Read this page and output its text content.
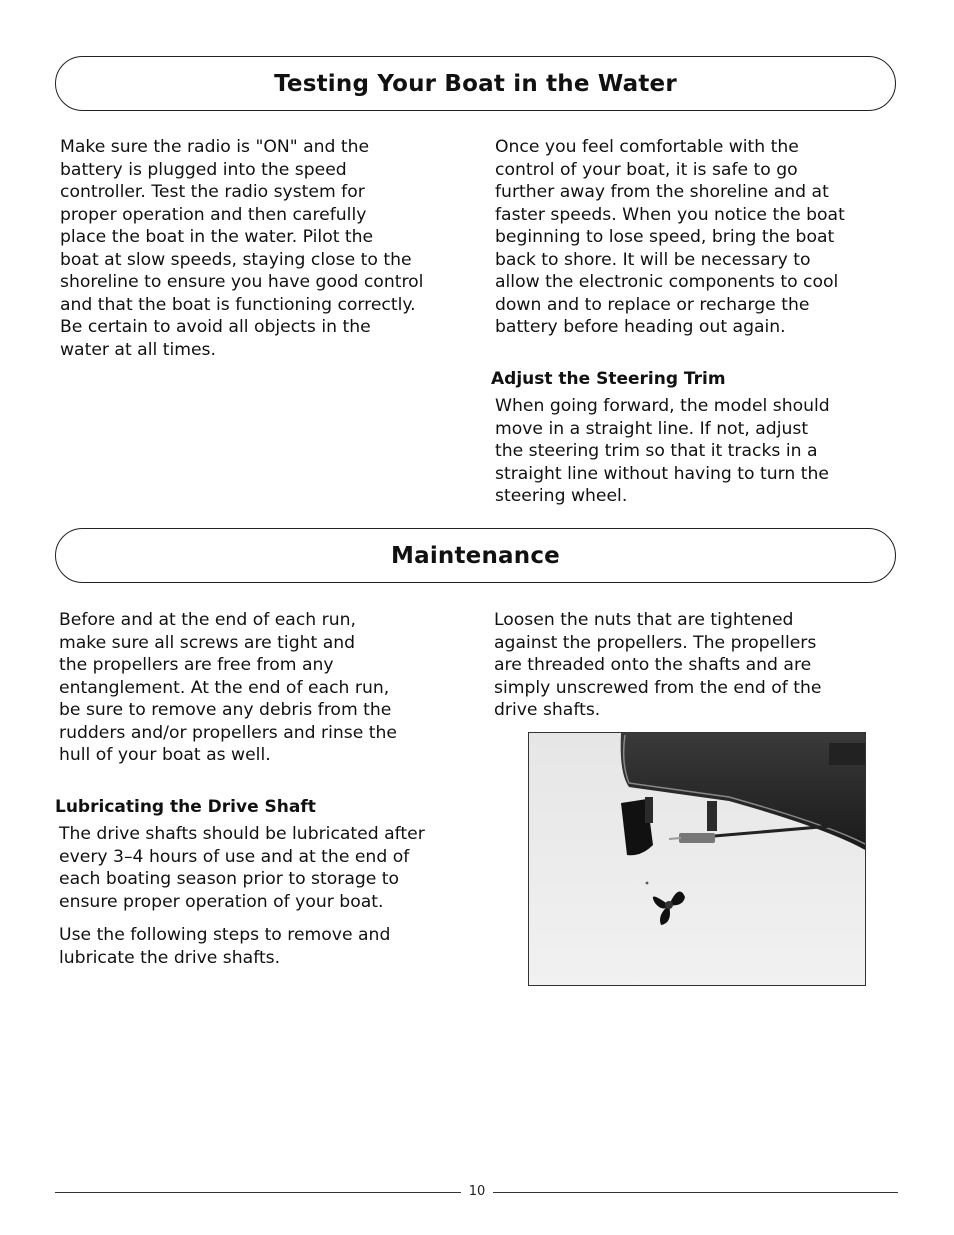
Testing Your Boat in the Water
Make sure the radio is "ON" and the
battery is plugged into the speed
controller. Test the radio system for
proper operation and then carefully
place the boat in the water. Pilot the
boat at slow speeds, staying close to the
shoreline to ensure you have good control
and that the boat is functioning correctly.
Be certain to avoid all objects in the
water at all times.
Once you feel comfortable with the
control of your boat, it is safe to go
further away from the shoreline and at
faster speeds. When you notice the boat
beginning to lose speed, bring the boat
back to shore. It will be necessary to
allow the electronic components to cool
down and to replace or recharge the
battery before heading out again.
Adjust the Steering Trim
When going forward, the model should
move in a straight line. If not, adjust
the steering trim so that it tracks in a
straight line without having to turn the
steering wheel.
Maintenance
Before and at the end of each run,
make sure all screws are tight and
the propellers are free from any
entanglement. At the end of each run,
be sure to remove any debris from the
rudders and/or propellers and rinse the
hull of your boat as well.
Lubricating the Drive Shaft
The drive shafts should be lubricated after
every 3–4 hours of use and at the end of
each boating season prior to storage to
ensure proper operation of your boat.
Use the following steps to remove and
lubricate the drive shafts.
Loosen the nuts that are tightened
against the propellers. The propellers
are threaded onto the shafts and are
simply unscrewed from the end of the
drive shafts.
10
